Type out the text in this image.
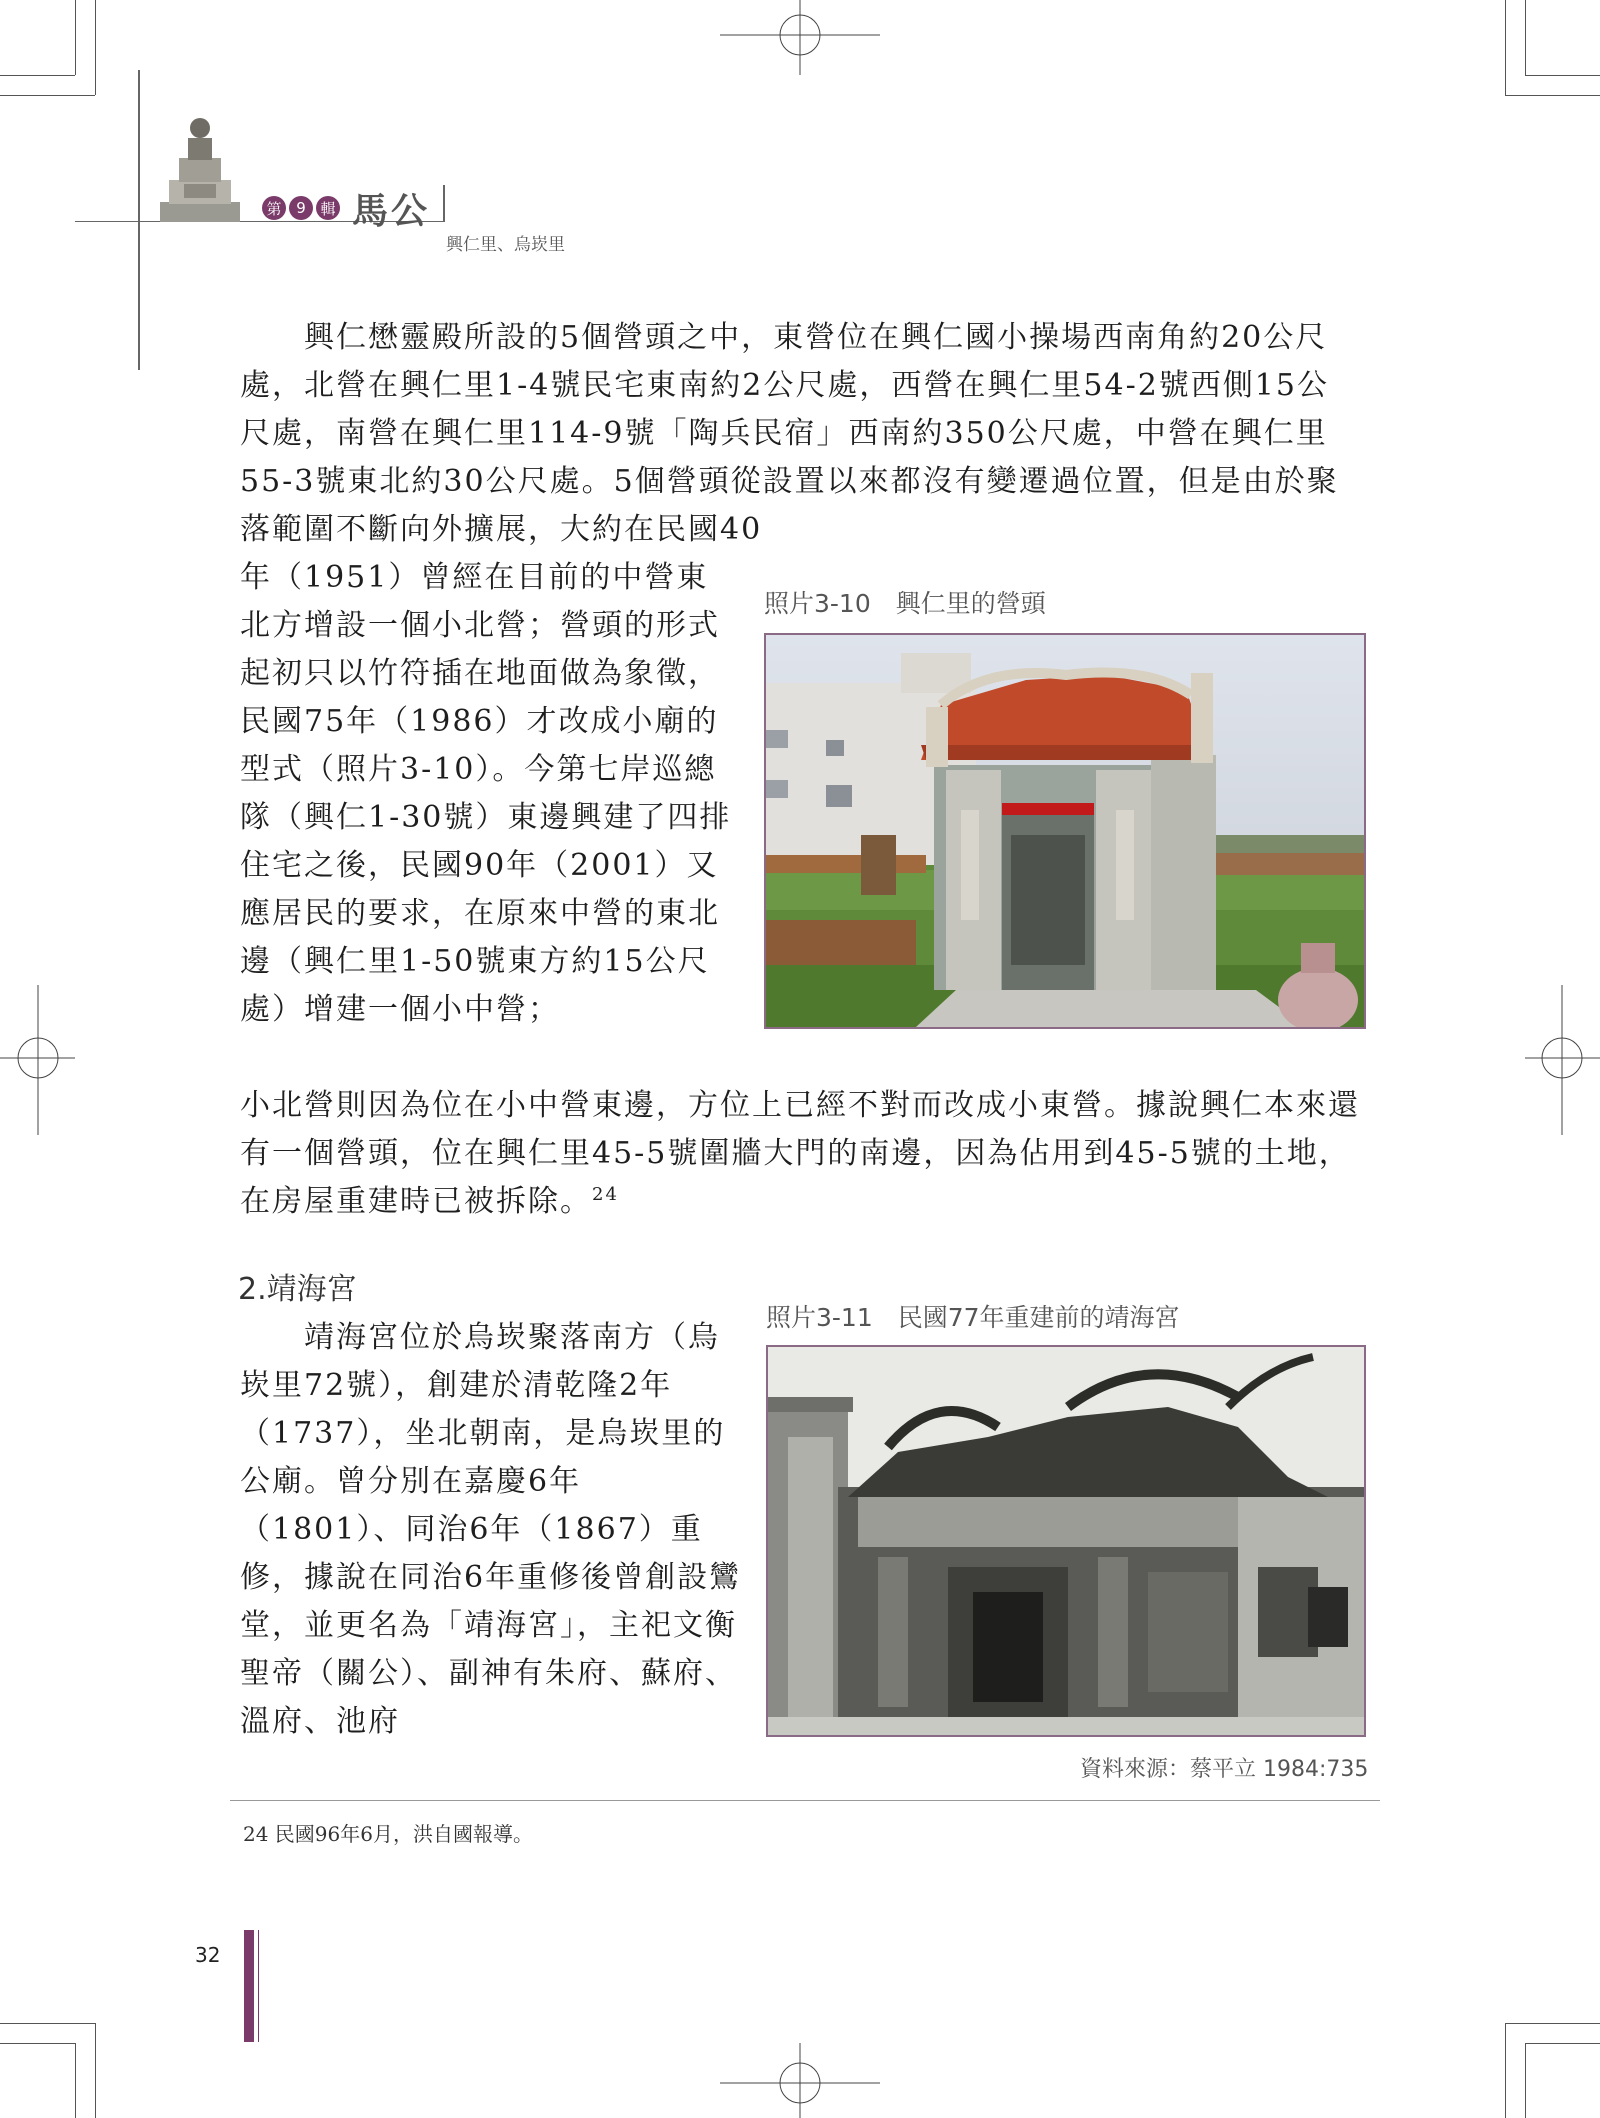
第 9 輯 馬公
興仁里、烏崁里

　　興仁懋靈殿所設的5個營頭之中，東營位在興仁國小操場西南角約20公尺處，北營在興仁里1-4號民宅東南約2公尺處，西營在興仁里54-2號西側15公尺處，南營在興仁里114-9號「陶兵民宿」西南約350公尺處，中營在興仁里55-3號東北約30公尺處。5個營頭從設置以來都沒有變遷過位置，但是由於聚落範圍不斷向外擴展，大約在民國40

年（1951）曾經在目前的中營東北方增設一個小北營；營頭的形式起初只以竹符插在地面做為象徵，民國75年（1986）才改成小廟的型式（照片3-10）。今第七岸巡總隊（興仁1-30號）東邊興建了四排住宅之後，民國90年（2001）又應居民的要求，在原來中營的東北邊（興仁里1-50號東方約15公尺處）增建一個小中營；

小北營則因為位在小中營東邊，方位上已經不對而改成小東營。據說興仁本來還有一個營頭，位在興仁里45-5號圍牆大門的南邊，因為佔用到45-5號的土地，在房屋重建時已被拆除。$^{24}$

照片3-10　興仁里的營頭
2.靖海宮

　　靖海宮位於烏崁聚落南方（烏崁里72號），創建於清乾隆2年（1737），坐北朝南，是烏崁里的公廟。曾分別在嘉慶6年（1801）、同治6年（1867）重修，據說在同治6年重修後曾創設鸞堂，並更名為「靖海宮」，主祀文衡聖帝（關公）、副神有朱府、蘇府、溫府、池府

照片3-11　民國77年重建前的靖海宮
資料來源：蔡平立 1984:735
24 民國96年6月，洪自國報導。
32
